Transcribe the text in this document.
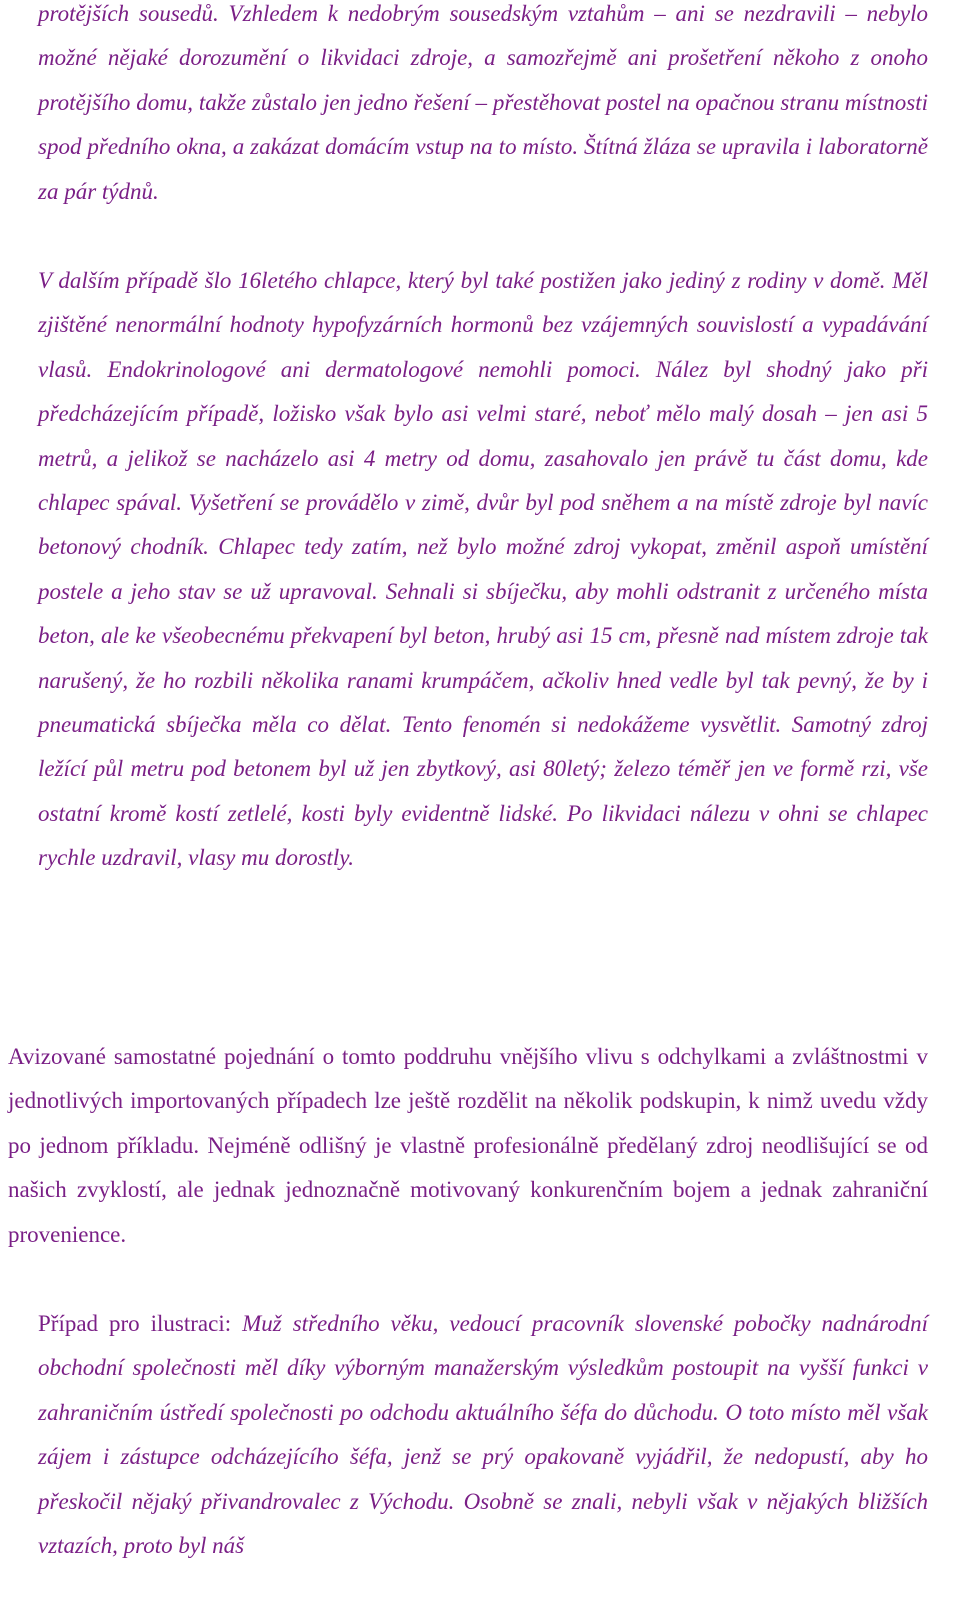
protějších sousedů. Vzhledem k nedobrým sousedským vztahům – ani se nezdravili – nebylo možné nějaké dorozumění o likvidaci zdroje, a samozřejmě ani prošetření někoho z onoho protějšího domu, takže zůstalo jen jedno řešení – přestěhovat postel na opačnou stranu místnosti spod předního okna, a zakázat domácím vstup na to místo. Štítná žláza se upravila i laboratorně za pár týdnů.

V dalším případě šlo 16letého chlapce, který byl také postižen jako jediný z rodiny v domě. Měl zjištěné nenormální hodnoty hypofyzárních hormonů bez vzájemných souvislostí a vypadávání vlasů. Endokrinologové ani dermatologové nemohli pomoci. Nález byl shodný jako při předcházejícím případě, ložisko však bylo asi velmi staré, neboť mělo malý dosah – jen asi 5 metrů, a jelikož se nacházelo asi 4 metry od domu, zasahovalo jen právě tu část domu, kde chlapec spával. Vyšetření se provádělo v zimě, dvůr byl pod sněhem a na místě zdroje byl navíc betonový chodník. Chlapec tedy zatím, než bylo možné zdroj vykopat, změnil aspoň umístění postele a jeho stav se už upravoval. Sehnali si sbíječku, aby mohli odstranit z určeného místa beton, ale ke všeobecnému překvapení byl beton, hrubý asi 15 cm, přesně nad místem zdroje tak narušený, že ho rozbili několika ranami krumpáčem, ačkoliv hned vedle byl tak pevný, že by i pneumatická sbíječka měla co dělat. Tento fenomén si nedokážeme vysvětlit. Samotný zdroj ležící půl metru pod betonem byl už jen zbytkový, asi 80letý; železo téměř jen ve formě rzi, vše ostatní kromě kostí zetlelé, kosti byly evidentně lidské. Po likvidaci nálezu v ohni se chlapec rychle uzdravil, vlasy mu dorostly.

Avizované samostatné pojednání o tomto poddruhu vnějšího vlivu s odchylkami a zvláštnostmi v jednotlivých importovaných případech lze ještě rozdělit na několik podskupin, k nimž uvedu vždy po jednom příkladu. Nejméně odlišný je vlastně profesionálně předělaný zdroj neodlišující se od našich zvyklostí, ale jednak jednoznačně motivovaný konkurenčním bojem a jednak zahraniční provenience.

Případ pro ilustraci: Muž středního věku, vedoucí pracovník slovenské pobočky nadnárodní obchodní společnosti měl díky výborným manažerským výsledkům postoupit na vyšší funkci v zahraničním ústředí společnosti po odchodu aktuálního šéfa do důchodu. O toto místo měl však zájem i zástupce odcházejícího šéfa, jenž se prý opakovaně vyjádřil, že nedopustí, aby ho přeskočil nějaký přivandrovalec z Východu. Osobně se znali, nebyli však v nějakých bližších vztazích, proto byl náš
